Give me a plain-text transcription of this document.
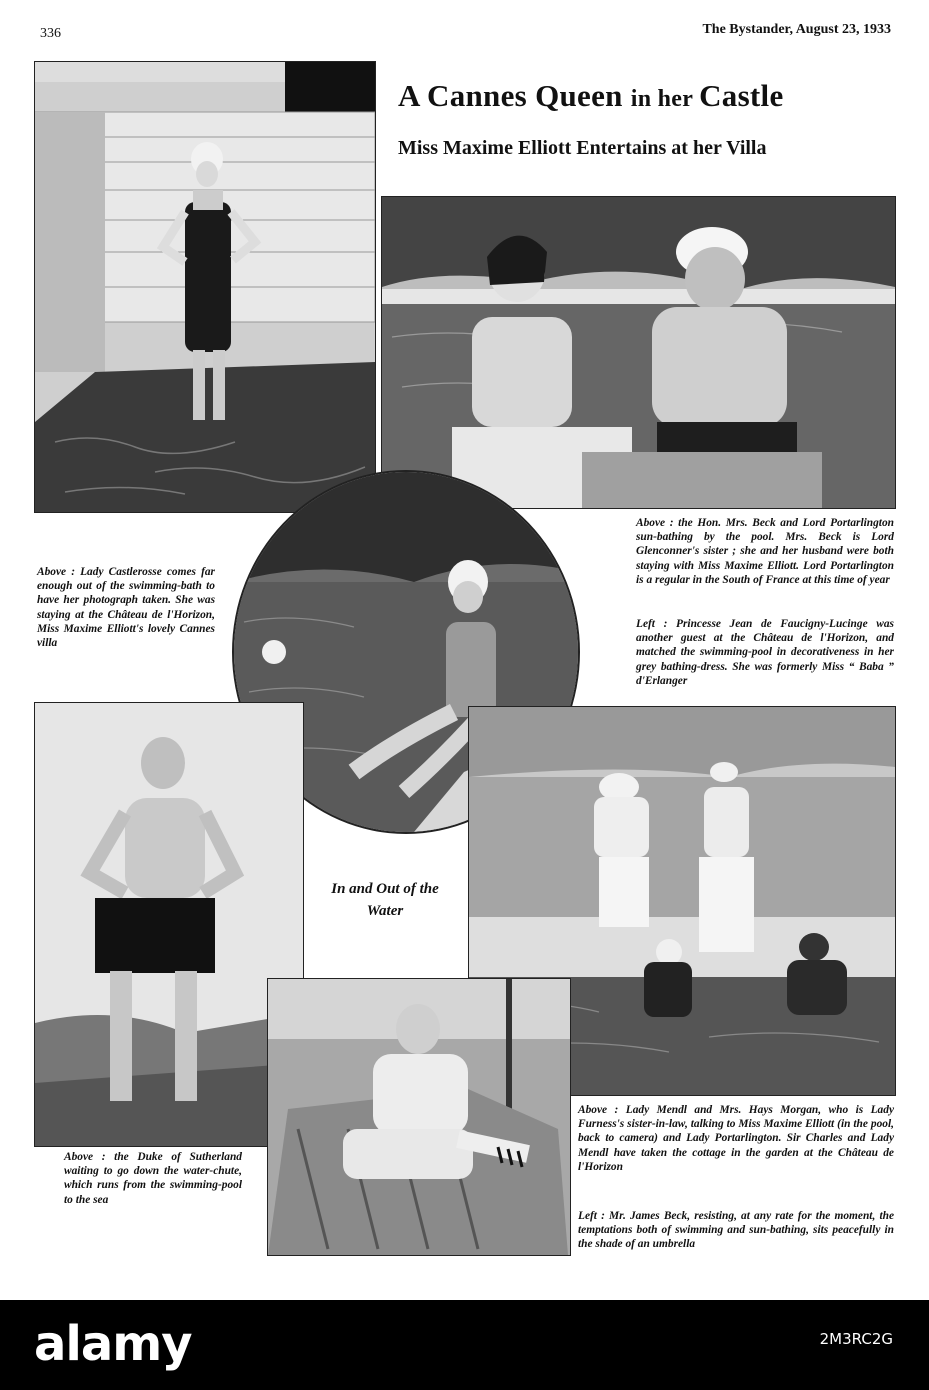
336	The Bystander, August 23, 1933
A Cannes Queen in her Castle
Miss Maxime Elliott Entertains at her Villa
Above : Lady Castlerosse comes far enough out of the swimming-bath to have her photograph taken. She was staying at the Château de l'Horizon, Miss Maxime Elliott's lovely Cannes villa
Above : the Hon. Mrs. Beck and Lord Portarlington sun-bathing by the pool. Mrs. Beck is Lord Glenconner's sister ; she and her husband were both staying with Miss Maxime Elliott. Lord Portarlington is a regular in the South of France at this time of year
Left : Princesse Jean de Faucigny-Lucinge was another guest at the Château de l'Horizon, and matched the swimming-pool in decorativeness in her grey bathing-dress. She was formerly Miss “ Baba ” d'Erlanger
In and Out of the Water
Above : the Duke of Sutherland waiting to go down the water-chute, which runs from the swimming-pool to the sea
Above : Lady Mendl and Mrs. Hays Morgan, who is Lady Furness's sister-in-law, talking to Miss Maxime Elliott (in the pool, back to camera) and Lady Portarlington. Sir Charles and Lady Mendl have taken the cottage in the garden at the Château de l'Horizon
Left : Mr. James Beck, resisting, at any rate for the moment, the temptations both of swimming and sun-bathing, sits peacefully in the shade of an umbrella
alamy	2M3RC2G
